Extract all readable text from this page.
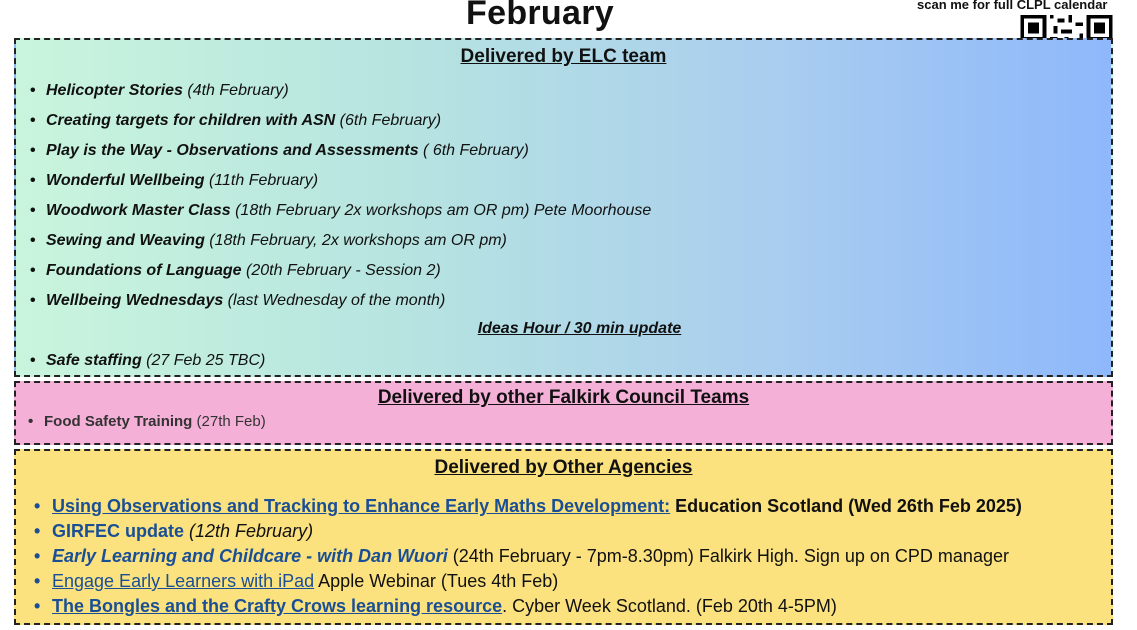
February	scan me for full CLPL calendar
Delivered by ELC team
• Helicopter Stories (4th February)
• Creating targets for children with ASN (6th February)
• Play is the Way - Observations and Assessments ( 6th February)
• Wonderful Wellbeing (11th February)
• Woodwork Master Class (18th February 2x workshops am OR pm) Pete Moorhouse
• Sewing and Weaving (18th February, 2x workshops am OR pm)
• Foundations of Language (20th February - Session 2)
• Wellbeing Wednesdays (last Wednesday of the month)
Ideas Hour / 30 min update
• Safe staffing (27 Feb 25 TBC)
Delivered by other Falkirk Council Teams
• Food Safety Training (27th Feb)
Delivered by Other Agencies
• Using Observations and Tracking to Enhance Early Maths Development: Education Scotland (Wed 26th Feb 2025)
• GIRFEC update (12th February)
• Early Learning and Childcare - with Dan Wuori (24th February - 7pm-8.30pm) Falkirk High. Sign up on CPD manager
• Engage Early Learners with iPad Apple Webinar (Tues 4th Feb)
• The Bongles and the Crafty Crows learning resource. Cyber Week Scotland. (Feb 20th 4-5PM)
